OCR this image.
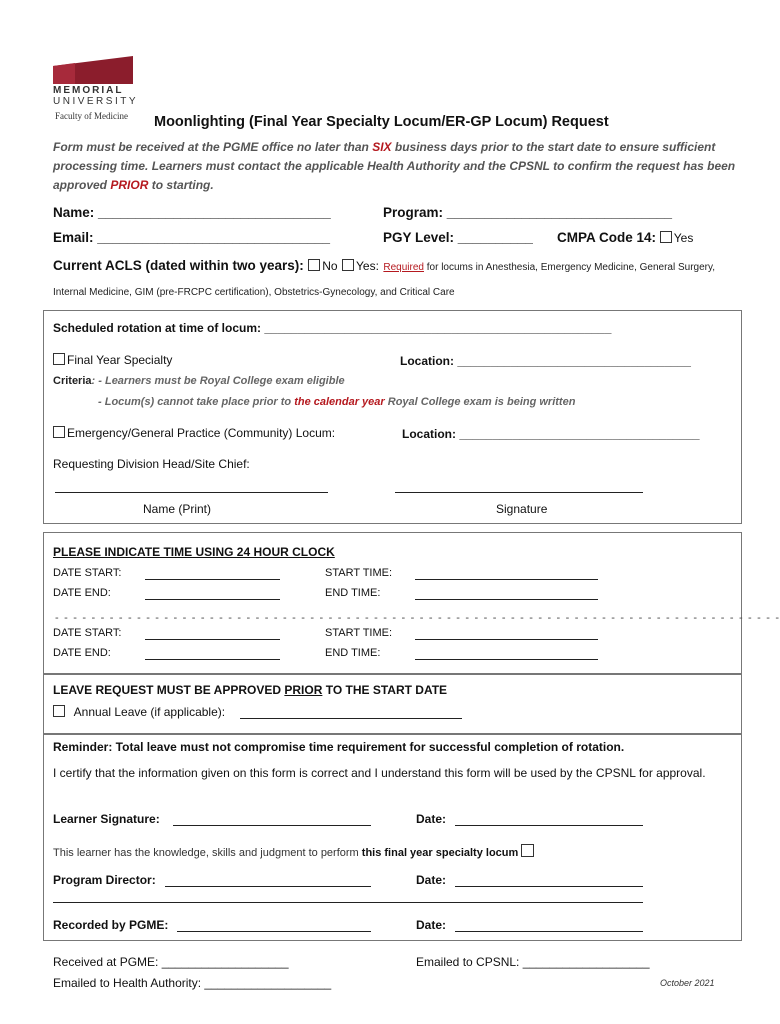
MEMORIAL
UNIVERSITY
Faculty of Medicine Moonlighting (Final Year Specialty Locum/ER-GP Locum) Request
Form must be received at the PGME office no later than SIX business days prior to the start date to ensure sufficient processing time. Learners must contact the applicable Health Authority and the CPSNL to confirm the request has been approved PRIOR to starting.
Name: _______________________________	Program: ______________________________
Email: _______________________________	PGY Level: __________ CMPA Code 14: Yes
Current ACLS (dated within two years): No Yes: Required for locums in Anesthesia, Emergency Medicine, General Surgery,
Internal Medicine, GIM (pre-FRCPC certification), Obstetrics-Gynecology, and Critical Care
Scheduled rotation at time of locum: ____________________________________________________
Final Year Specialty	Location: ___________________________________
Criteria: - Learners must be Royal College exam eligible
- Locum(s) cannot take place prior to the calendar year Royal College exam is being written
Emergency/General Practice (Community) Locum:	Location: ____________________________________
Requesting Division Head/Site Chief:
Name (Print)	Signature
PLEASE INDICATE TIME USING 24 HOUR CLOCK
DATE START:	START TIME:
DATE END:	END TIME:
- - - - - - - - - - - - - - - - - - - - - - - - - - - - - - - - - - - - - - - - - - - - - - - - - - - - - - - - - - - - - - - - - - - - - - - - - - - - - - - -
DATE START:	START TIME:
DATE END:	END TIME:
LEAVE REQUEST MUST BE APPROVED PRIOR TO THE START DATE
Annual Leave (if applicable):
Reminder: Total leave must not compromise time requirement for successful completion of rotation.
I certify that the information given on this form is correct and I understand this form will be used by the CPSNL for approval.
Learner Signature:	Date:
This learner has the knowledge, skills and judgment to perform this final year specialty locum
Program Director:	Date:
Recorded by PGME:	Date:
Received at PGME: ___________________	Emailed to CPSNL: ___________________
Emailed to Health Authority: ___________________	October 2021
